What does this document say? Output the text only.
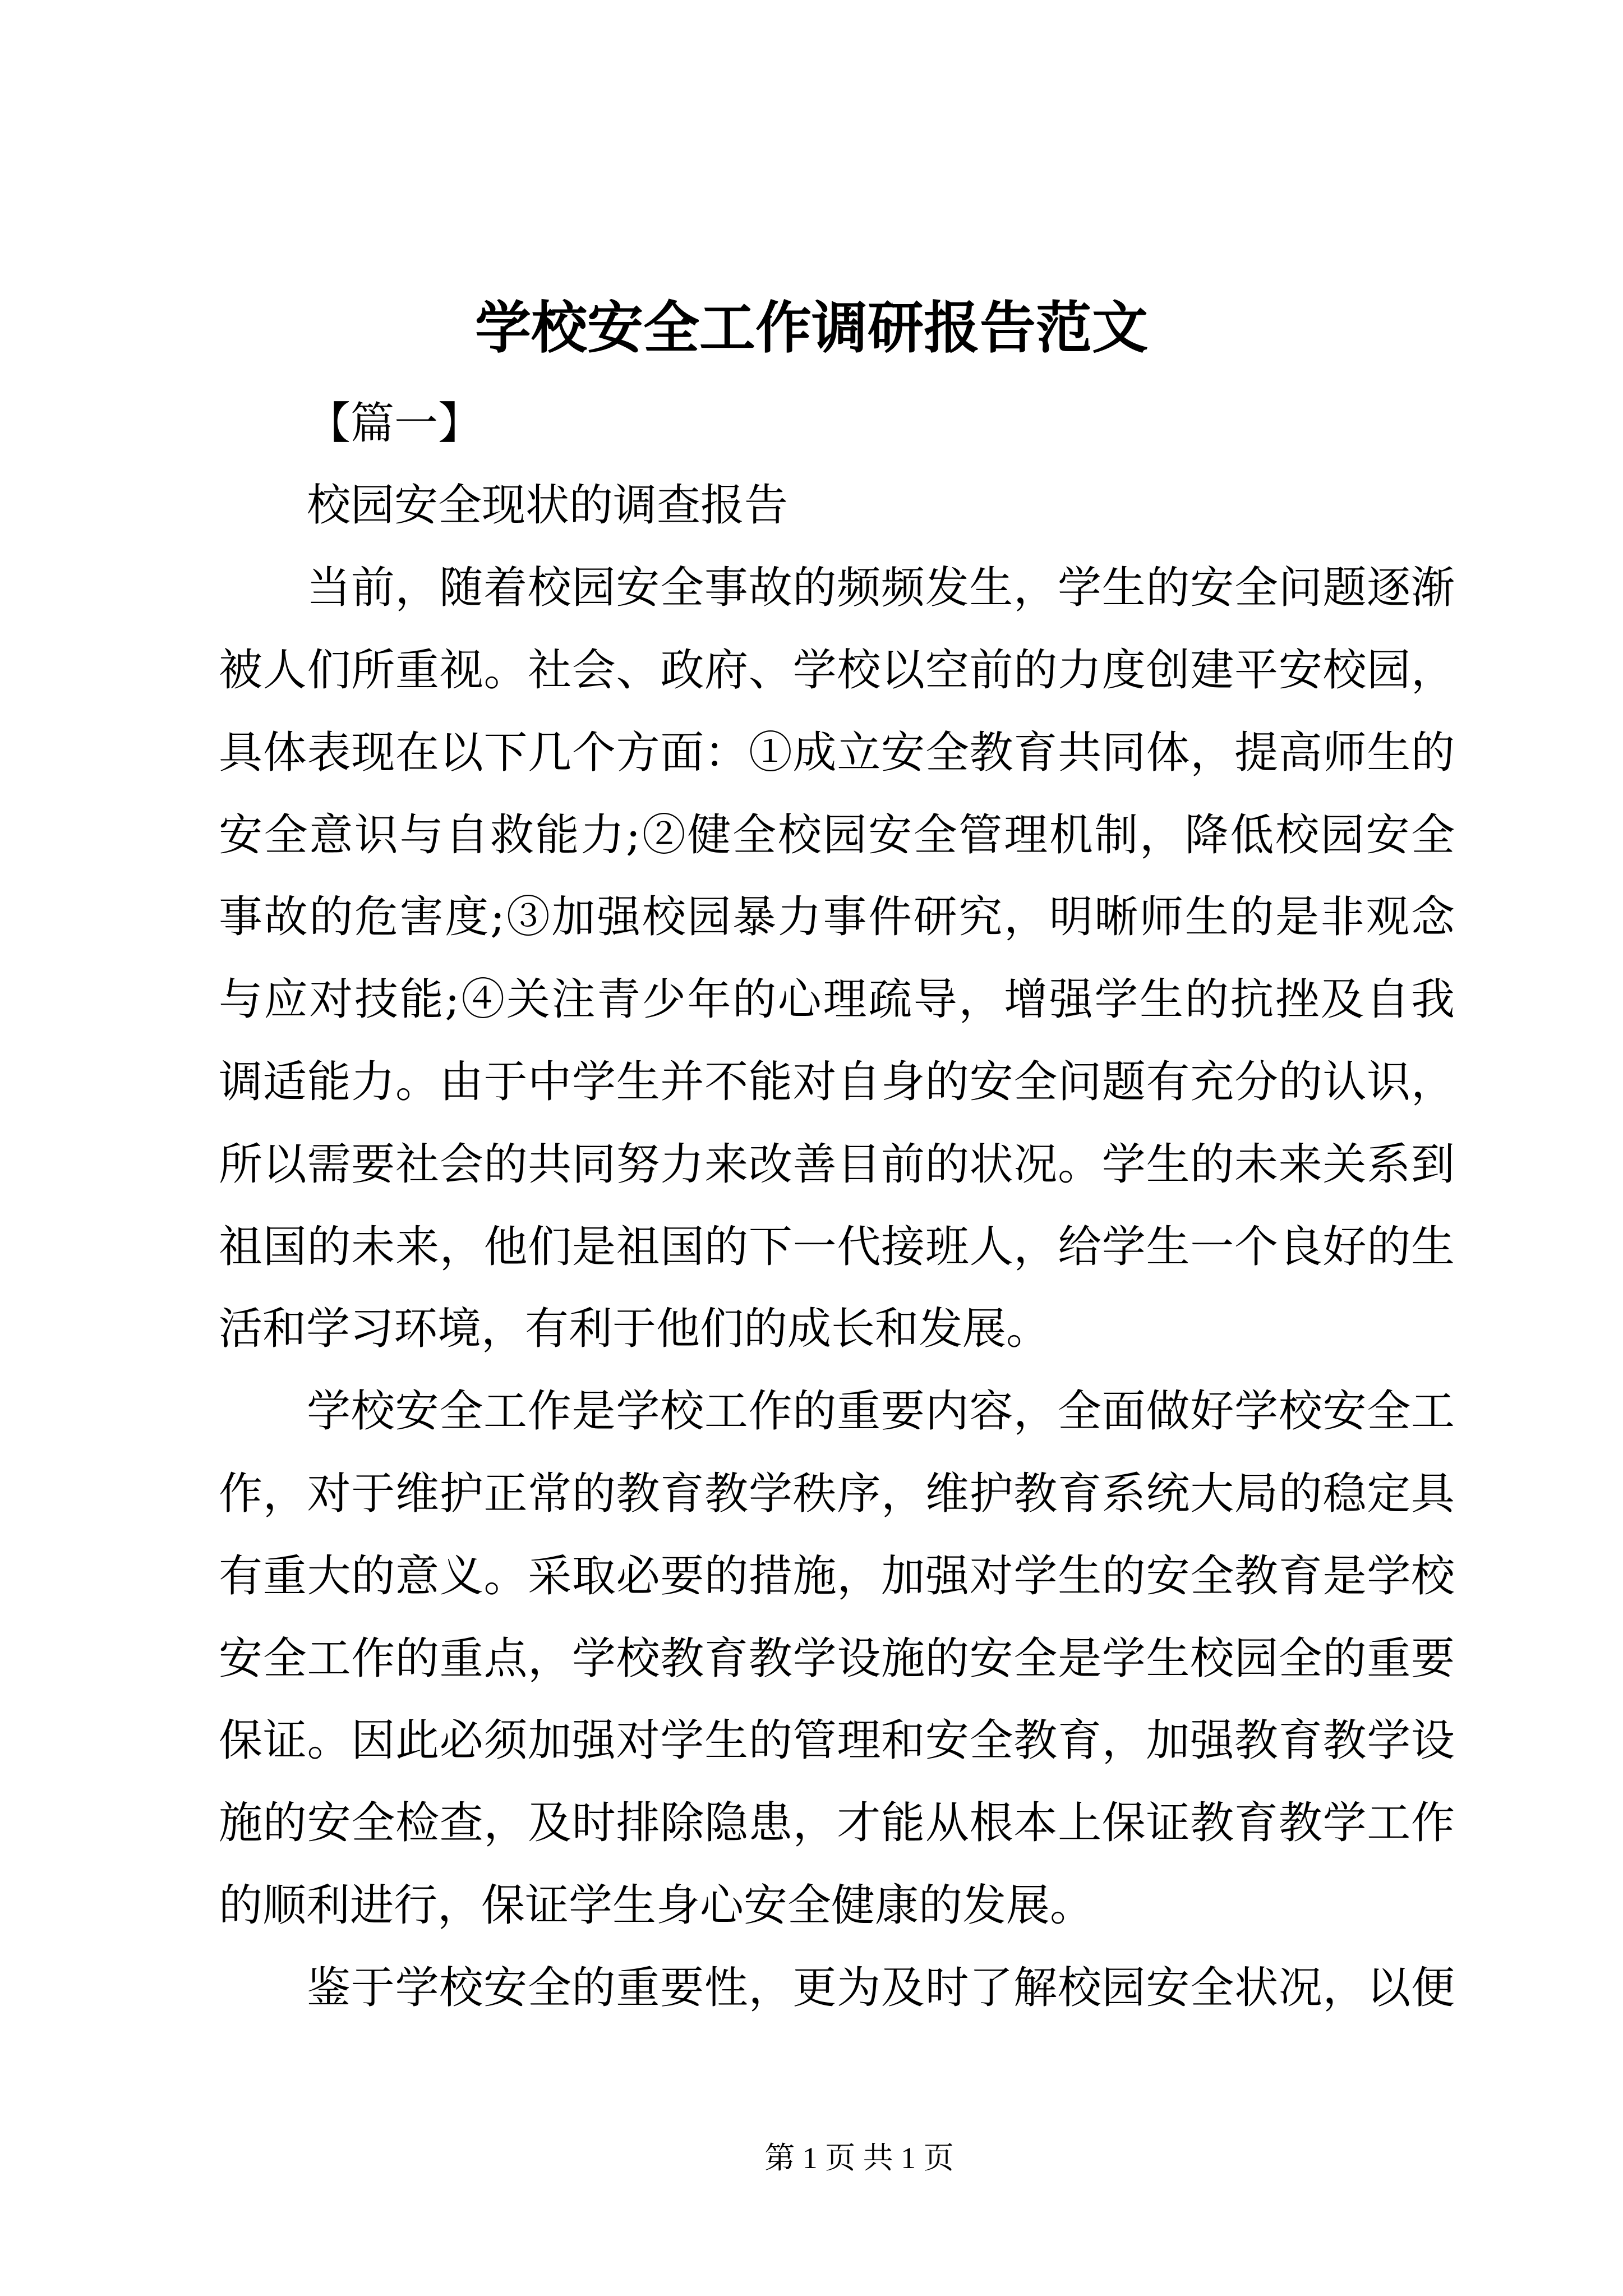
学校安全工作调研报告范文
【篇一】
校园安全现状的调查报告
当前，随着校园安全事故的频频发生，学生的安全问题逐渐
被人们所重视。社会、政府、学校以空前的力度创建平安校园，
具体表现在以下几个方面：①成立安全教育共同体，提高师生的
安全意识与自救能力;②健全校园安全管理机制，降低校园安全
事故的危害度;③加强校园暴力事件研究，明晰师生的是非观念
与应对技能;④关注青少年的心理疏导，增强学生的抗挫及自我
调适能力。由于中学生并不能对自身的安全问题有充分的认识，
所以需要社会的共同努力来改善目前的状况。学生的未来关系到
祖国的未来，他们是祖国的下一代接班人，给学生一个良好的生
活和学习环境，有利于他们的成长和发展。
学校安全工作是学校工作的重要内容，全面做好学校安全工
作，对于维护正常的教育教学秩序，维护教育系统大局的稳定具
有重大的意义。采取必要的措施，加强对学生的安全教育是学校
安全工作的重点，学校教育教学设施的安全是学生校园全的重要
保证。因此必须加强对学生的管理和安全教育，加强教育教学设
施的安全检查，及时排除隐患，才能从根本上保证教育教学工作
的顺利进行，保证学生身心安全健康的发展。
鉴于学校安全的重要性，更为及时了解校园安全状况，以便
第 1 页 共 1 页
